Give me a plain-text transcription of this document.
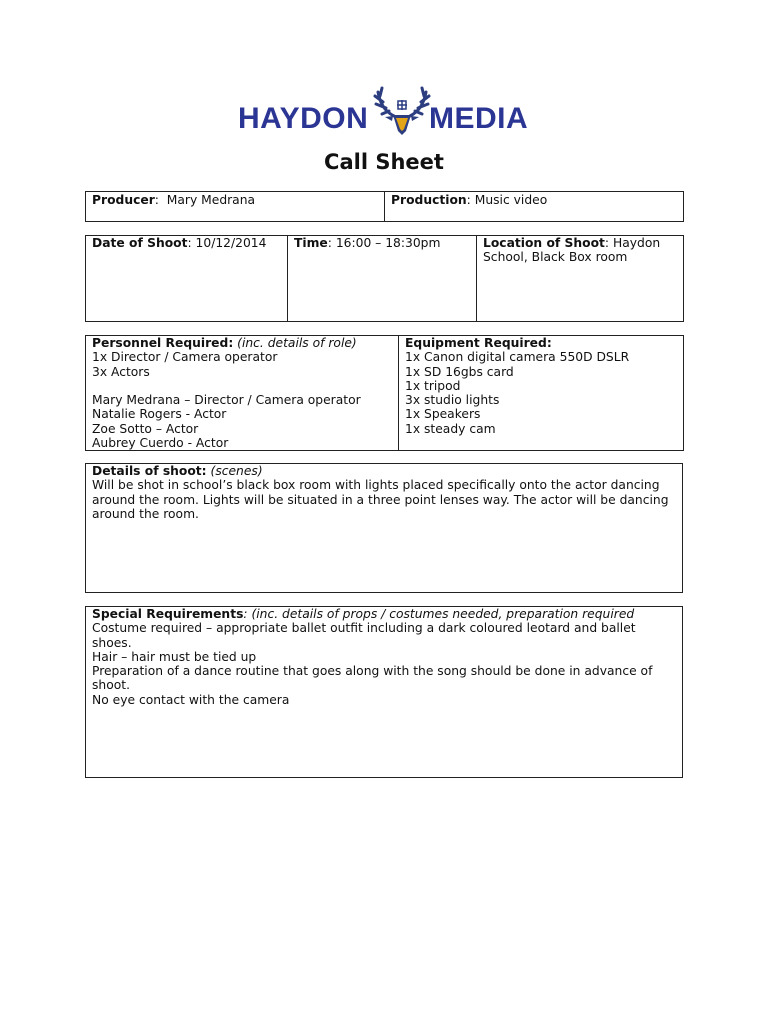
HAYDON MEDIA
Call Sheet
Producer:  Mary Medrana	Production: Music video
Date of Shoot: 10/12/2014	Time: 16:00 – 18:30pm	Location of Shoot: Haydon School, Black Box room
Personnel Required: (inc. details of role)
1x Director / Camera operator
3x Actors
Mary Medrana – Director / Camera operator
Natalie Rogers - Actor
Zoe Sotto – Actor
Aubrey Cuerdo - Actor

Equipment Required:
1x Canon digital camera 550D DSLR
1x SD 16gbs card
1x tripod
3x studio lights
1x Speakers
1x steady cam
Details of shoot: (scenes)
Will be shot in school’s black box room with lights placed specifically onto the actor dancing around the room. Lights will be situated in a three point lenses way. The actor will be dancing around the room.
Special Requirements: (inc. details of props / costumes needed, preparation required
Costume required – appropriate ballet outfit including a dark coloured leotard and ballet shoes.
Hair – hair must be tied up
Preparation of a dance routine that goes along with the song should be done in advance of shoot.
No eye contact with the camera
